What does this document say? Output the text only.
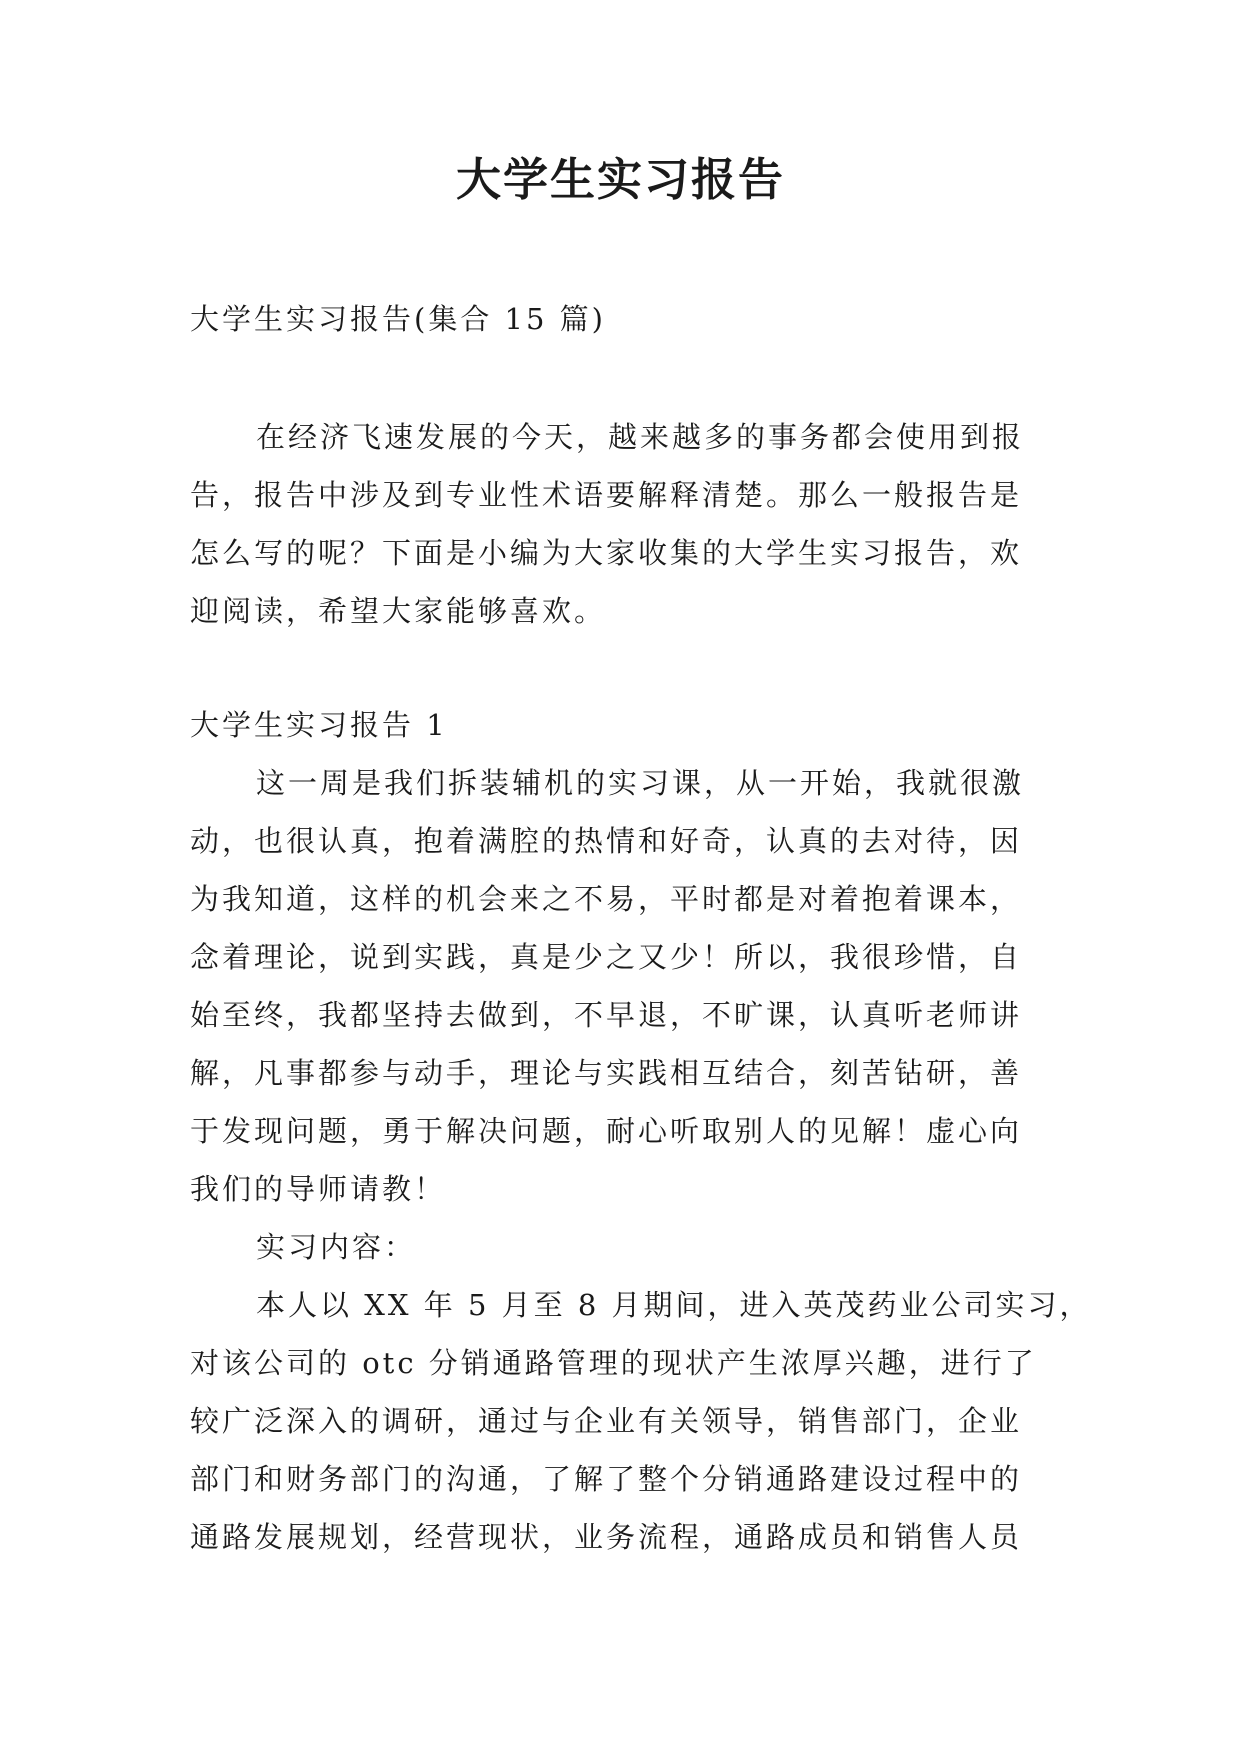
大学生实习报告
大学生实习报告(集合 15 篇)
在经济飞速发展的今天，越来越多的事务都会使用到报
告，报告中涉及到专业性术语要解释清楚。那么一般报告是
怎么写的呢？下面是小编为大家收集的大学生实习报告，欢
迎阅读，希望大家能够喜欢。
大学生实习报告 1
这一周是我们拆装辅机的实习课，从一开始，我就很激
动，也很认真，抱着满腔的热情和好奇，认真的去对待，因
为我知道，这样的机会来之不易，平时都是对着抱着课本，
念着理论，说到实践，真是少之又少！所以，我很珍惜，自
始至终，我都坚持去做到，不早退，不旷课，认真听老师讲
解，凡事都参与动手，理论与实践相互结合，刻苦钻研，善
于发现问题，勇于解决问题，耐心听取别人的见解！虚心向
我们的导师请教！
实习内容：
本人以 XX 年 5 月至 8 月期间，进入英茂药业公司实习，
对该公司的 otc 分销通路管理的现状产生浓厚兴趣，进行了
较广泛深入的调研，通过与企业有关领导，销售部门，企业
部门和财务部门的沟通，了解了整个分销通路建设过程中的
通路发展规划，经营现状，业务流程，通路成员和销售人员
